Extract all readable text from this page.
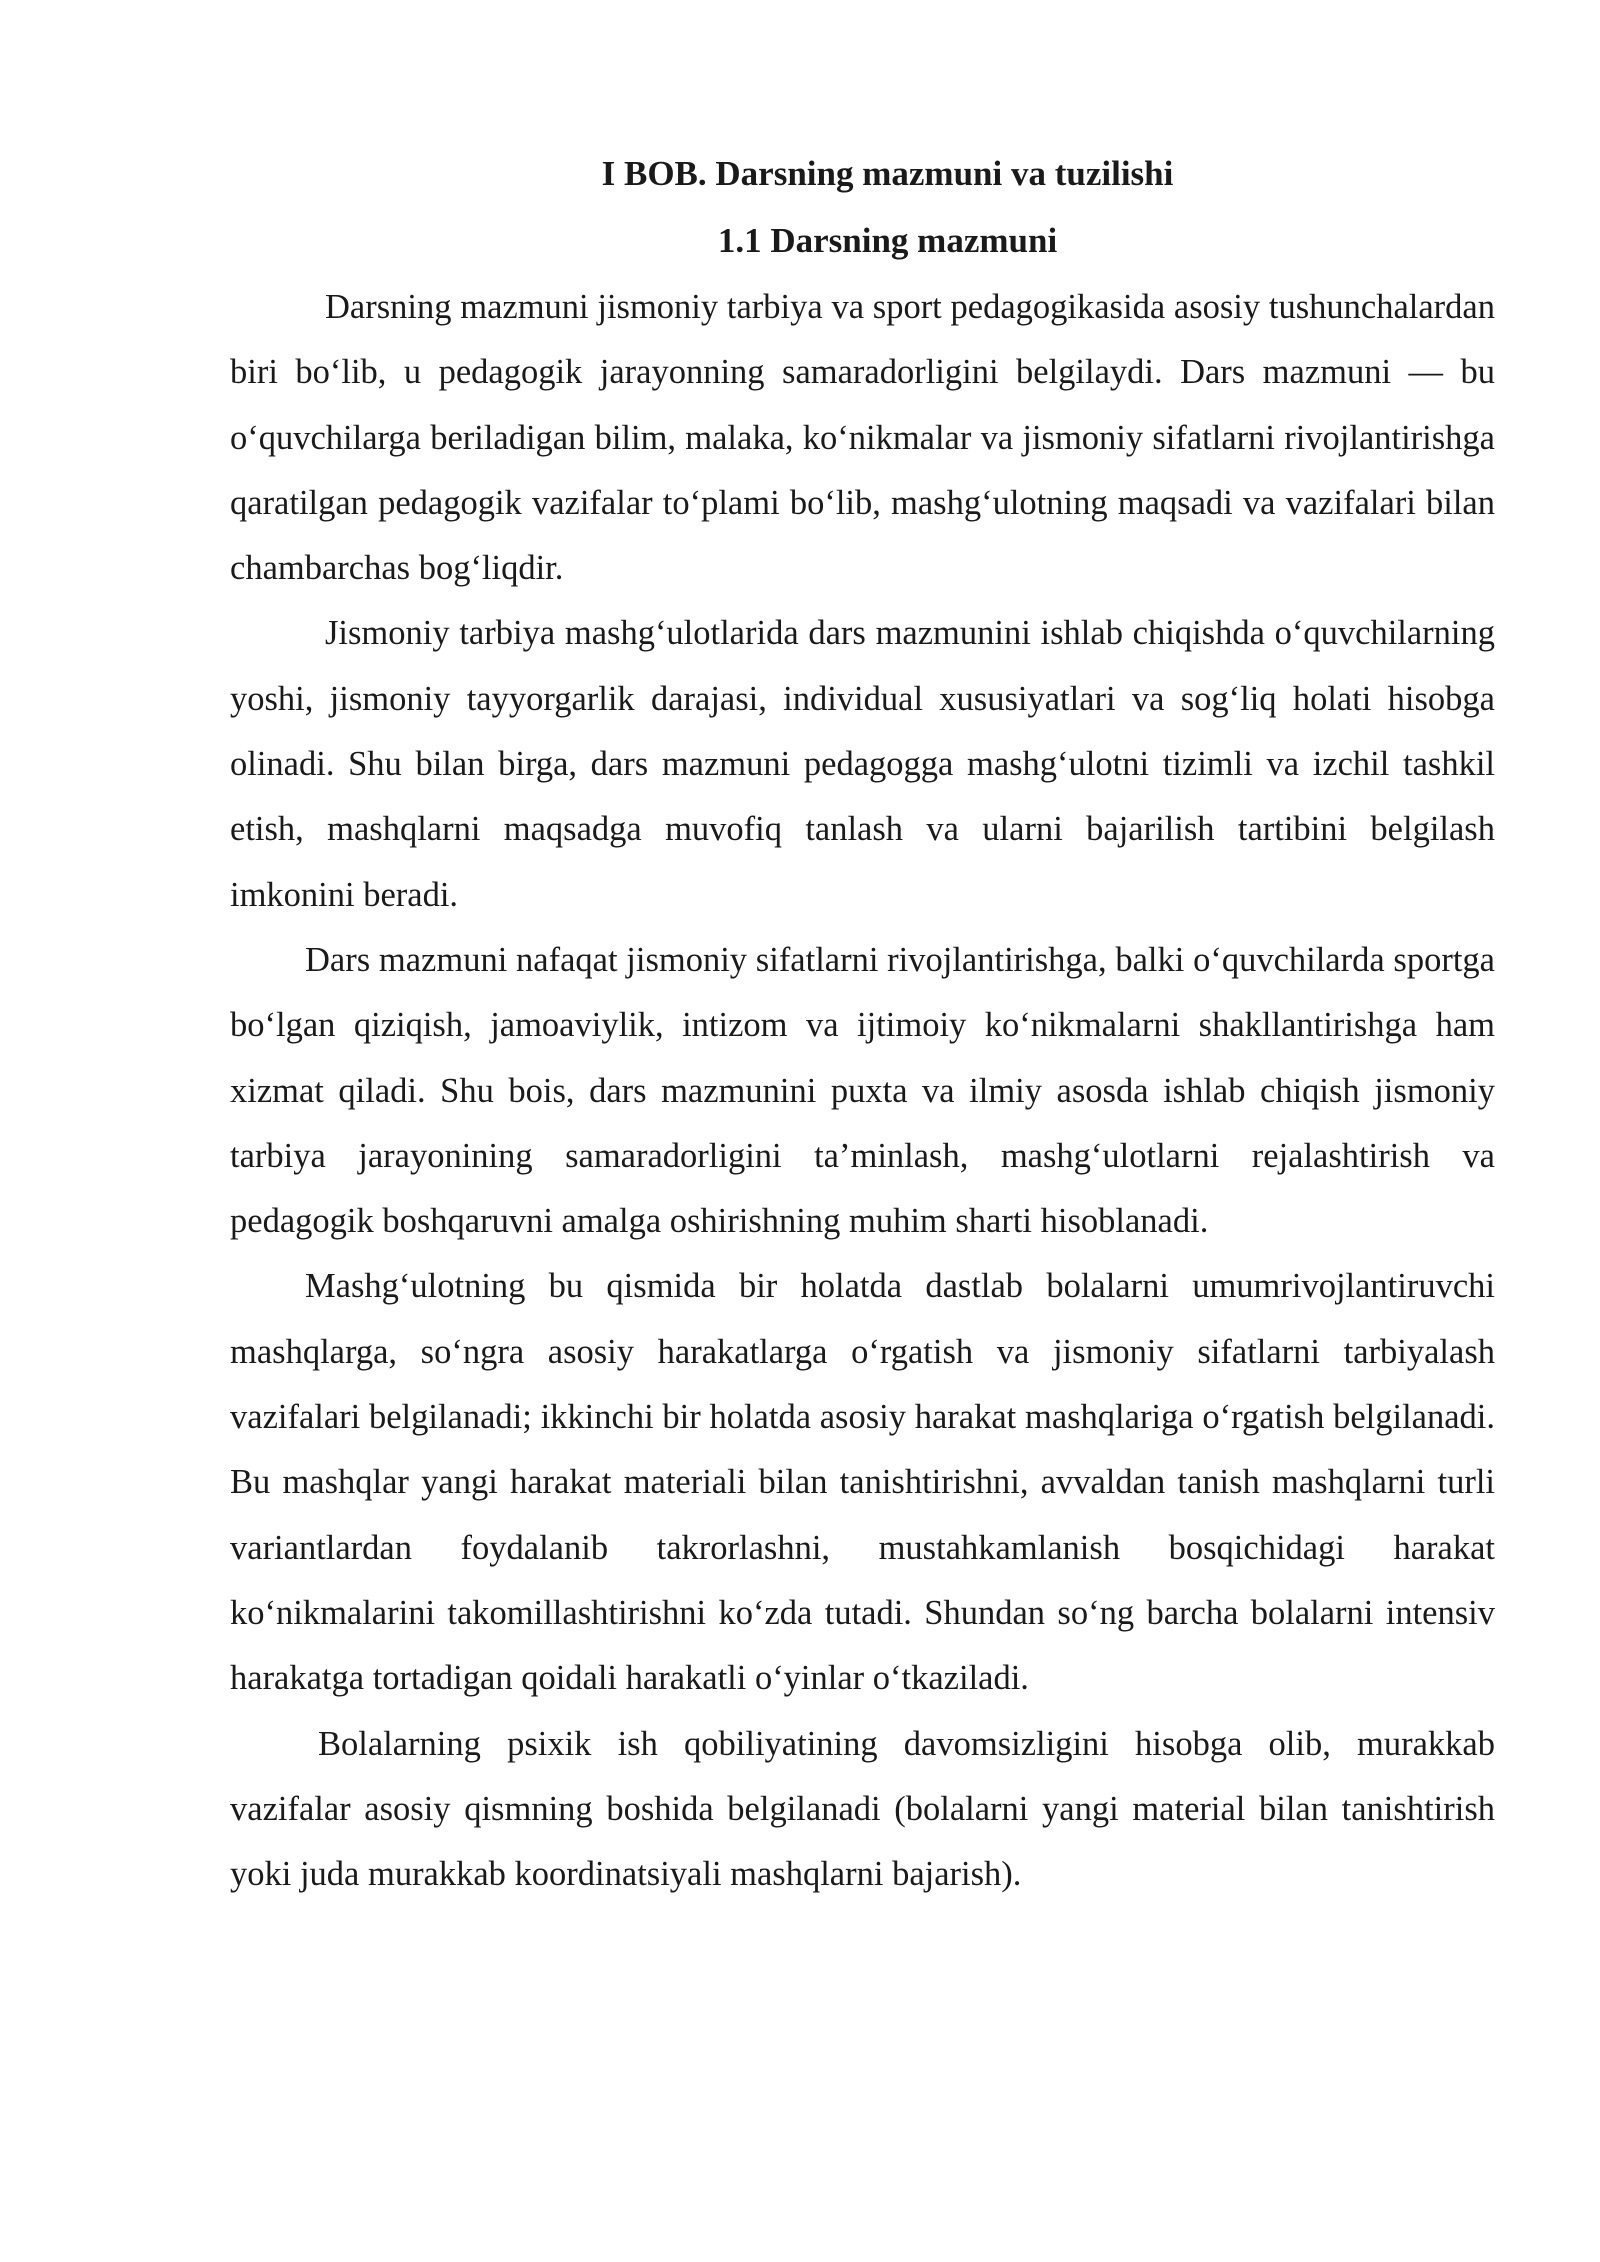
I BOB. Darsning mazmuni va tuzilishi
1.1 Darsning mazmuni

Darsning mazmuni jismoniy tarbiya va sport pedagogikasida asosiy tushunchalardan biri bo‘lib, u pedagogik jarayonning samaradorligini belgilaydi. Dars mazmuni — bu o‘quvchilarga beriladigan bilim, malaka, ko‘nikmalar va jismoniy sifatlarni rivojlantirishga qaratilgan pedagogik vazifalar to‘plami bo‘lib, mashg‘ulotning maqsadi va vazifalari bilan chambarchas bog‘liqdir.

Jismoniy tarbiya mashg‘ulotlarida dars mazmunini ishlab chiqishda o‘quvchilarning yoshi, jismoniy tayyorgarlik darajasi, individual xususiyatlari va sog‘liq holati hisobga olinadi. Shu bilan birga, dars mazmuni pedagogga mashg‘ulotni tizimli va izchil tashkil etish, mashqlarni maqsadga muvofiq tanlash va ularni bajarilish tartibini belgilash imkonini beradi.

Dars mazmuni nafaqat jismoniy sifatlarni rivojlantirishga, balki o‘quvchilarda sportga bo‘lgan qiziqish, jamoaviylik, intizom va ijtimoiy ko‘nikmalarni shakllantirishga ham xizmat qiladi. Shu bois, dars mazmunini puxta va ilmiy asosda ishlab chiqish jismoniy tarbiya jarayonining samaradorligini ta’minlash, mashg‘ulotlarni rejalashtirish va pedagogik boshqaruvni amalga oshirishning muhim sharti hisoblanadi.

Mashg‘ulotning bu qismida bir holatda dastlab bolalarni umumrivojlantiruvchi mashqlarga, so‘ngra asosiy harakatlarga o‘rgatish va jismoniy sifatlarni tarbiyalash vazifalari belgilanadi; ikkinchi bir holatda asosiy harakat mashqlariga o‘rgatish belgilanadi. Bu mashqlar yangi harakat materiali bilan tanishtirishni, avvaldan tanish mashqlarni turli variantlardan foydalanib takrorlashni, mustahkamlanish bosqichidagi harakat ko‘nikmalarini takomillashtirishni ko‘zda tutadi. Shundan so‘ng barcha bolalarni intensiv harakatga tortadigan qoidali harakatli o‘yinlar o‘tkaziladi.

Bolalarning psixik ish qobiliyatining davomsizligini hisobga olib, murakkab vazifalar asosiy qismning boshida belgilanadi (bolalarni yangi material bilan tanishtirish yoki juda murakkab koordinatsiyali mashqlarni bajarish).
